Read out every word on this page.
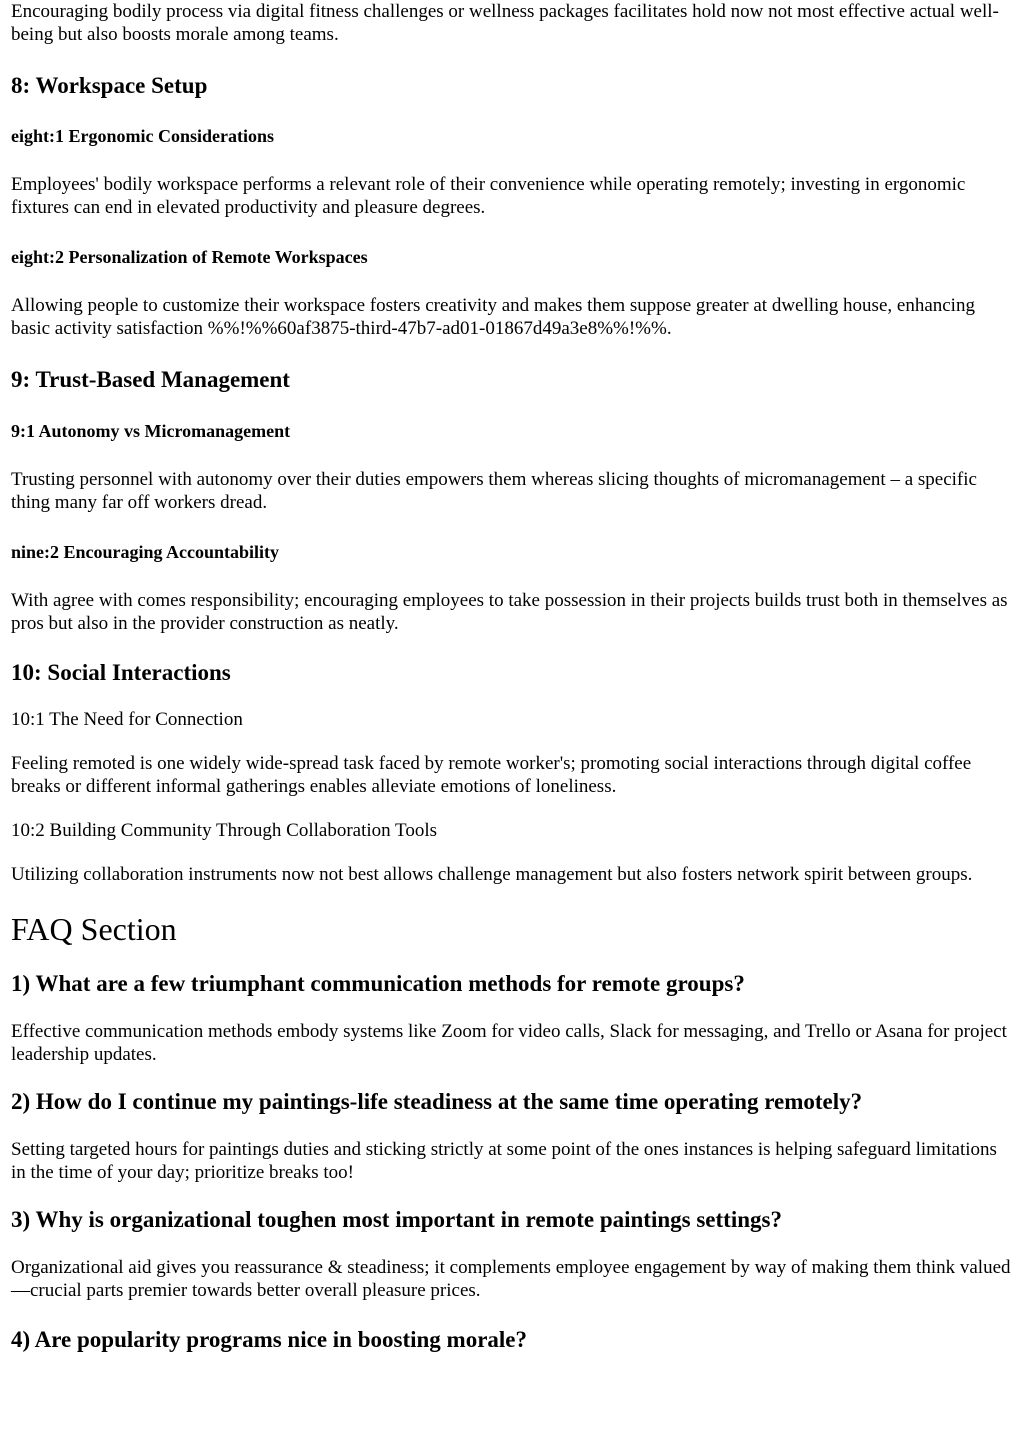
Encouraging bodily process via digital fitness challenges or wellness packages facilitates hold now not most effective actual well-being but also boosts morale among teams.

8: Workspace Setup
eight:1 Ergonomic Considerations

Employees' bodily workspace performs a relevant role of their convenience while operating remotely; investing in ergonomic fixtures can end in elevated productivity and pleasure degrees.

eight:2 Personalization of Remote Workspaces

Allowing people to customize their workspace fosters creativity and makes them suppose greater at dwelling house, enhancing basic activity satisfaction %%!%%60af3875-third-47b7-ad01-01867d49a3e8%%!%%.

9: Trust-Based Management
9:1 Autonomy vs Micromanagement

Trusting personnel with autonomy over their duties empowers them whereas slicing thoughts of micromanagement – a specific thing many far off workers dread.

nine:2 Encouraging Accountability

With agree with comes responsibility; encouraging employees to take possession in their projects builds trust both in themselves as pros but also in the provider construction as neatly.

10: Social Interactions

10:1 The Need for Connection

Feeling remoted is one widely wide-spread task faced by remote worker's; promoting social interactions through digital coffee breaks or different informal gatherings enables alleviate emotions of loneliness.

10:2 Building Community Through Collaboration Tools

Utilizing collaboration instruments now not best allows challenge management but also fosters network spirit between groups.

FAQ Section
1) What are a few triumphant communication methods for remote groups?

Effective communication methods embody systems like Zoom for video calls, Slack for messaging, and Trello or Asana for project leadership updates.

2) How do I continue my paintings-life steadiness at the same time operating remotely?

Setting targeted hours for paintings duties and sticking strictly at some point of the ones instances is helping safeguard limitations in the time of your day; prioritize breaks too!

3) Why is organizational toughen most important in remote paintings settings?

Organizational aid gives you reassurance & steadiness; it complements employee engagement by way of making them think valued—crucial parts premier towards better overall pleasure prices.

4) Are popularity programs nice in boosting morale?
